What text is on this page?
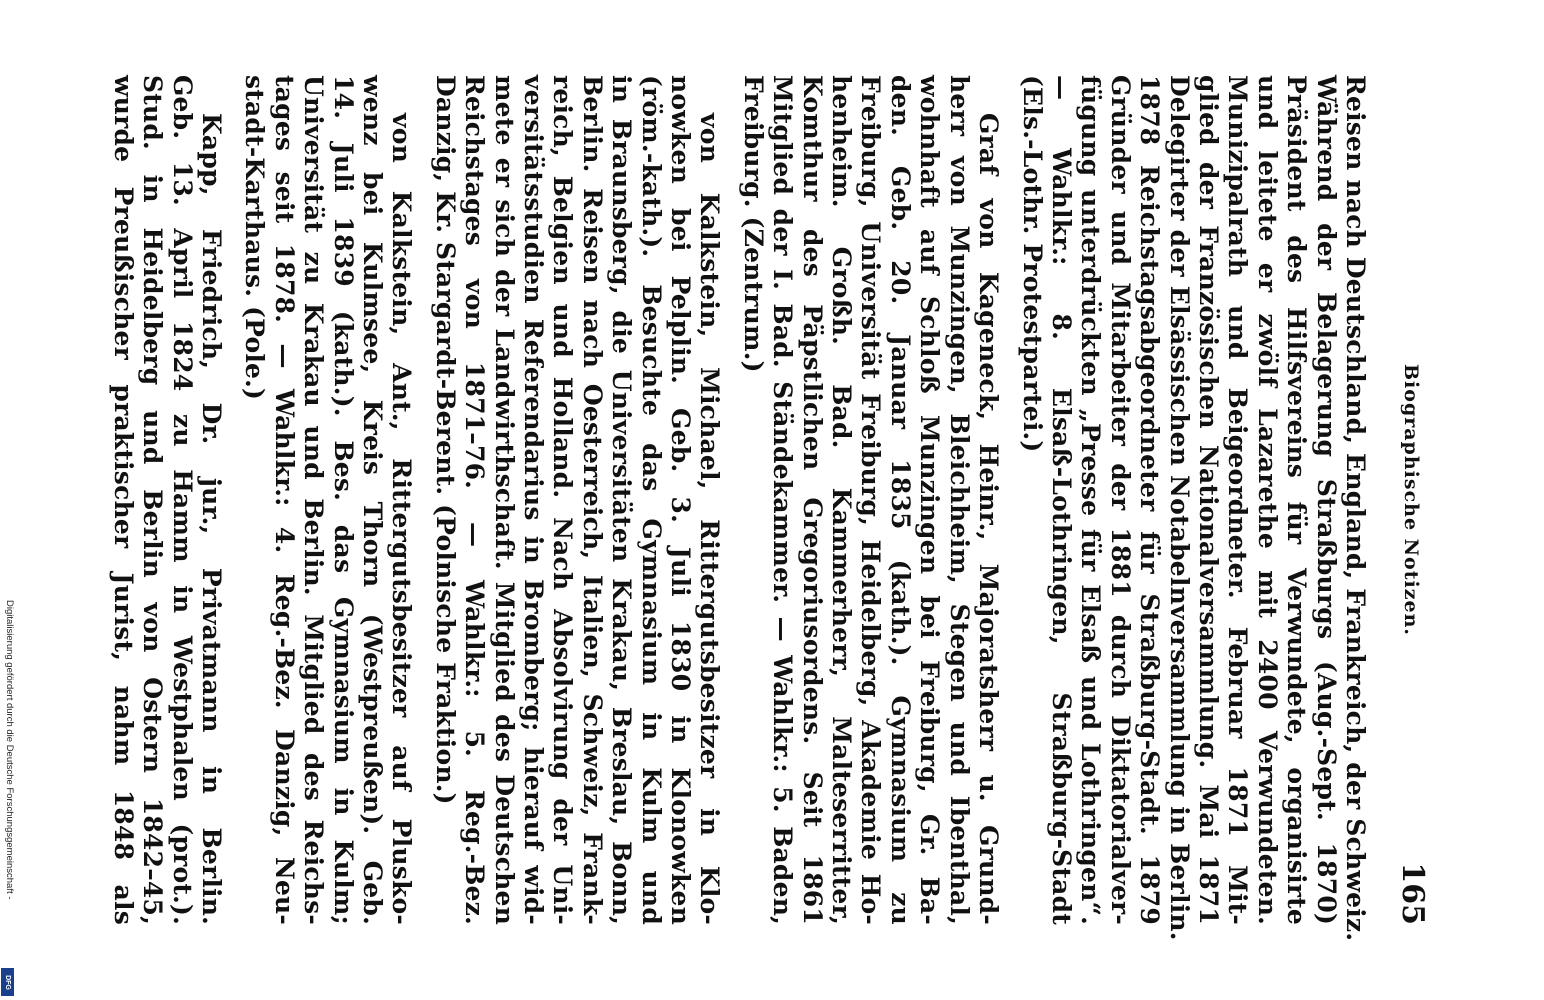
Biographische Notizen.
165
Reisen nach Deutschland, England, Frankreich, der Schweiz.
Während der Belagerung Straßburgs (Aug.-Sept. 1870)
Präsident des Hilfsvereins für Verwundete, organisirte
und leitete er zwölf Lazarethe mit 2400 Verwundeten.
Munizipalrath und Beigeordneter. Februar 1871 Mit-
glied der Französischen Nationalversammlung. Mai 1871
Delegirter der Elsässischen Notabelnversammlung in Berlin.
1878 Reichstagsabgeordneter für Straßburg-Stadt. 1879
Gründer und Mitarbeiter der 1881 durch Diktatorialver-
fügung unterdrückten „Presse für Elsaß und Lothringen“.
— Wahlkr.: 8. Elsaß-Lothringen, Straßburg-Stadt
(Els.-Lothr. Protestpartei.)
Graf von Kageneck, Heinr., Majoratsherr u. Grund-
herr von Munzingen, Bleichheim, Stegen und Ibenthal,
wohnhaft auf Schloß Munzingen bei Freiburg, Gr. Ba-
den. Geb. 20. Januar 1835 (kath.). Gymnasium zu
Freiburg, Universität Freiburg, Heidelberg, Akademie Ho-
henheim. Großh. Bad. Kammerherr, Malteserritter,
Komthur des Päpstlichen Gregoriusordens. Seit 1861
Mitglied der I. Bad. Ständekammer. — Wahlkr.: 5. Baden,
Freiburg. (Zentrum.)
von Kalkstein, Michael, Rittergutsbesitzer in Klo-
nowken bei Pelplin. Geb. 3. Juli 1830 in Klonowken
(röm.-kath.). Besuchte das Gymnasium in Kulm und
in Braunsberg, die Universitäten Krakau, Breslau, Bonn,
Berlin. Reisen nach Oesterreich, Italien, Schweiz, Frank-
reich, Belgien und Holland. Nach Absolvirung der Uni-
versitätsstudien Referendarius in Bromberg; hierauf wid-
mete er sich der Landwirthschaft. Mitglied des Deutschen
Reichstages von 1871–76. — Wahlkr.: 5. Reg.-Bez.
Danzig, Kr. Stargardt-Berent. (Polnische Fraktion.)
von Kalkstein, Ant., Rittergutsbesitzer auf Plusko-
wenz bei Kulmsee, Kreis Thorn (Westpreußen). Geb.
14. Juli 1839 (kath.). Bes. das Gymnasium in Kulm;
Universität zu Krakau und Berlin. Mitglied des Reichs-
tages seit 1878. — Wahlkr.: 4. Reg.-Bez. Danzig, Neu-
stadt-Karthaus. (Pole.)
Kapp, Friedrich, Dr. jur., Privatmann in Berlin.
Geb. 13. April 1824 zu Hamm in Westphalen (prot.).
Stud. in Heidelberg und Berlin von Ostern 1842–45,
wurde Preußischer praktischer Jurist, nahm 1848 als
Digitalisierung gefördert durch die Deutsche Forschungsgemeinschaft -
DFG
